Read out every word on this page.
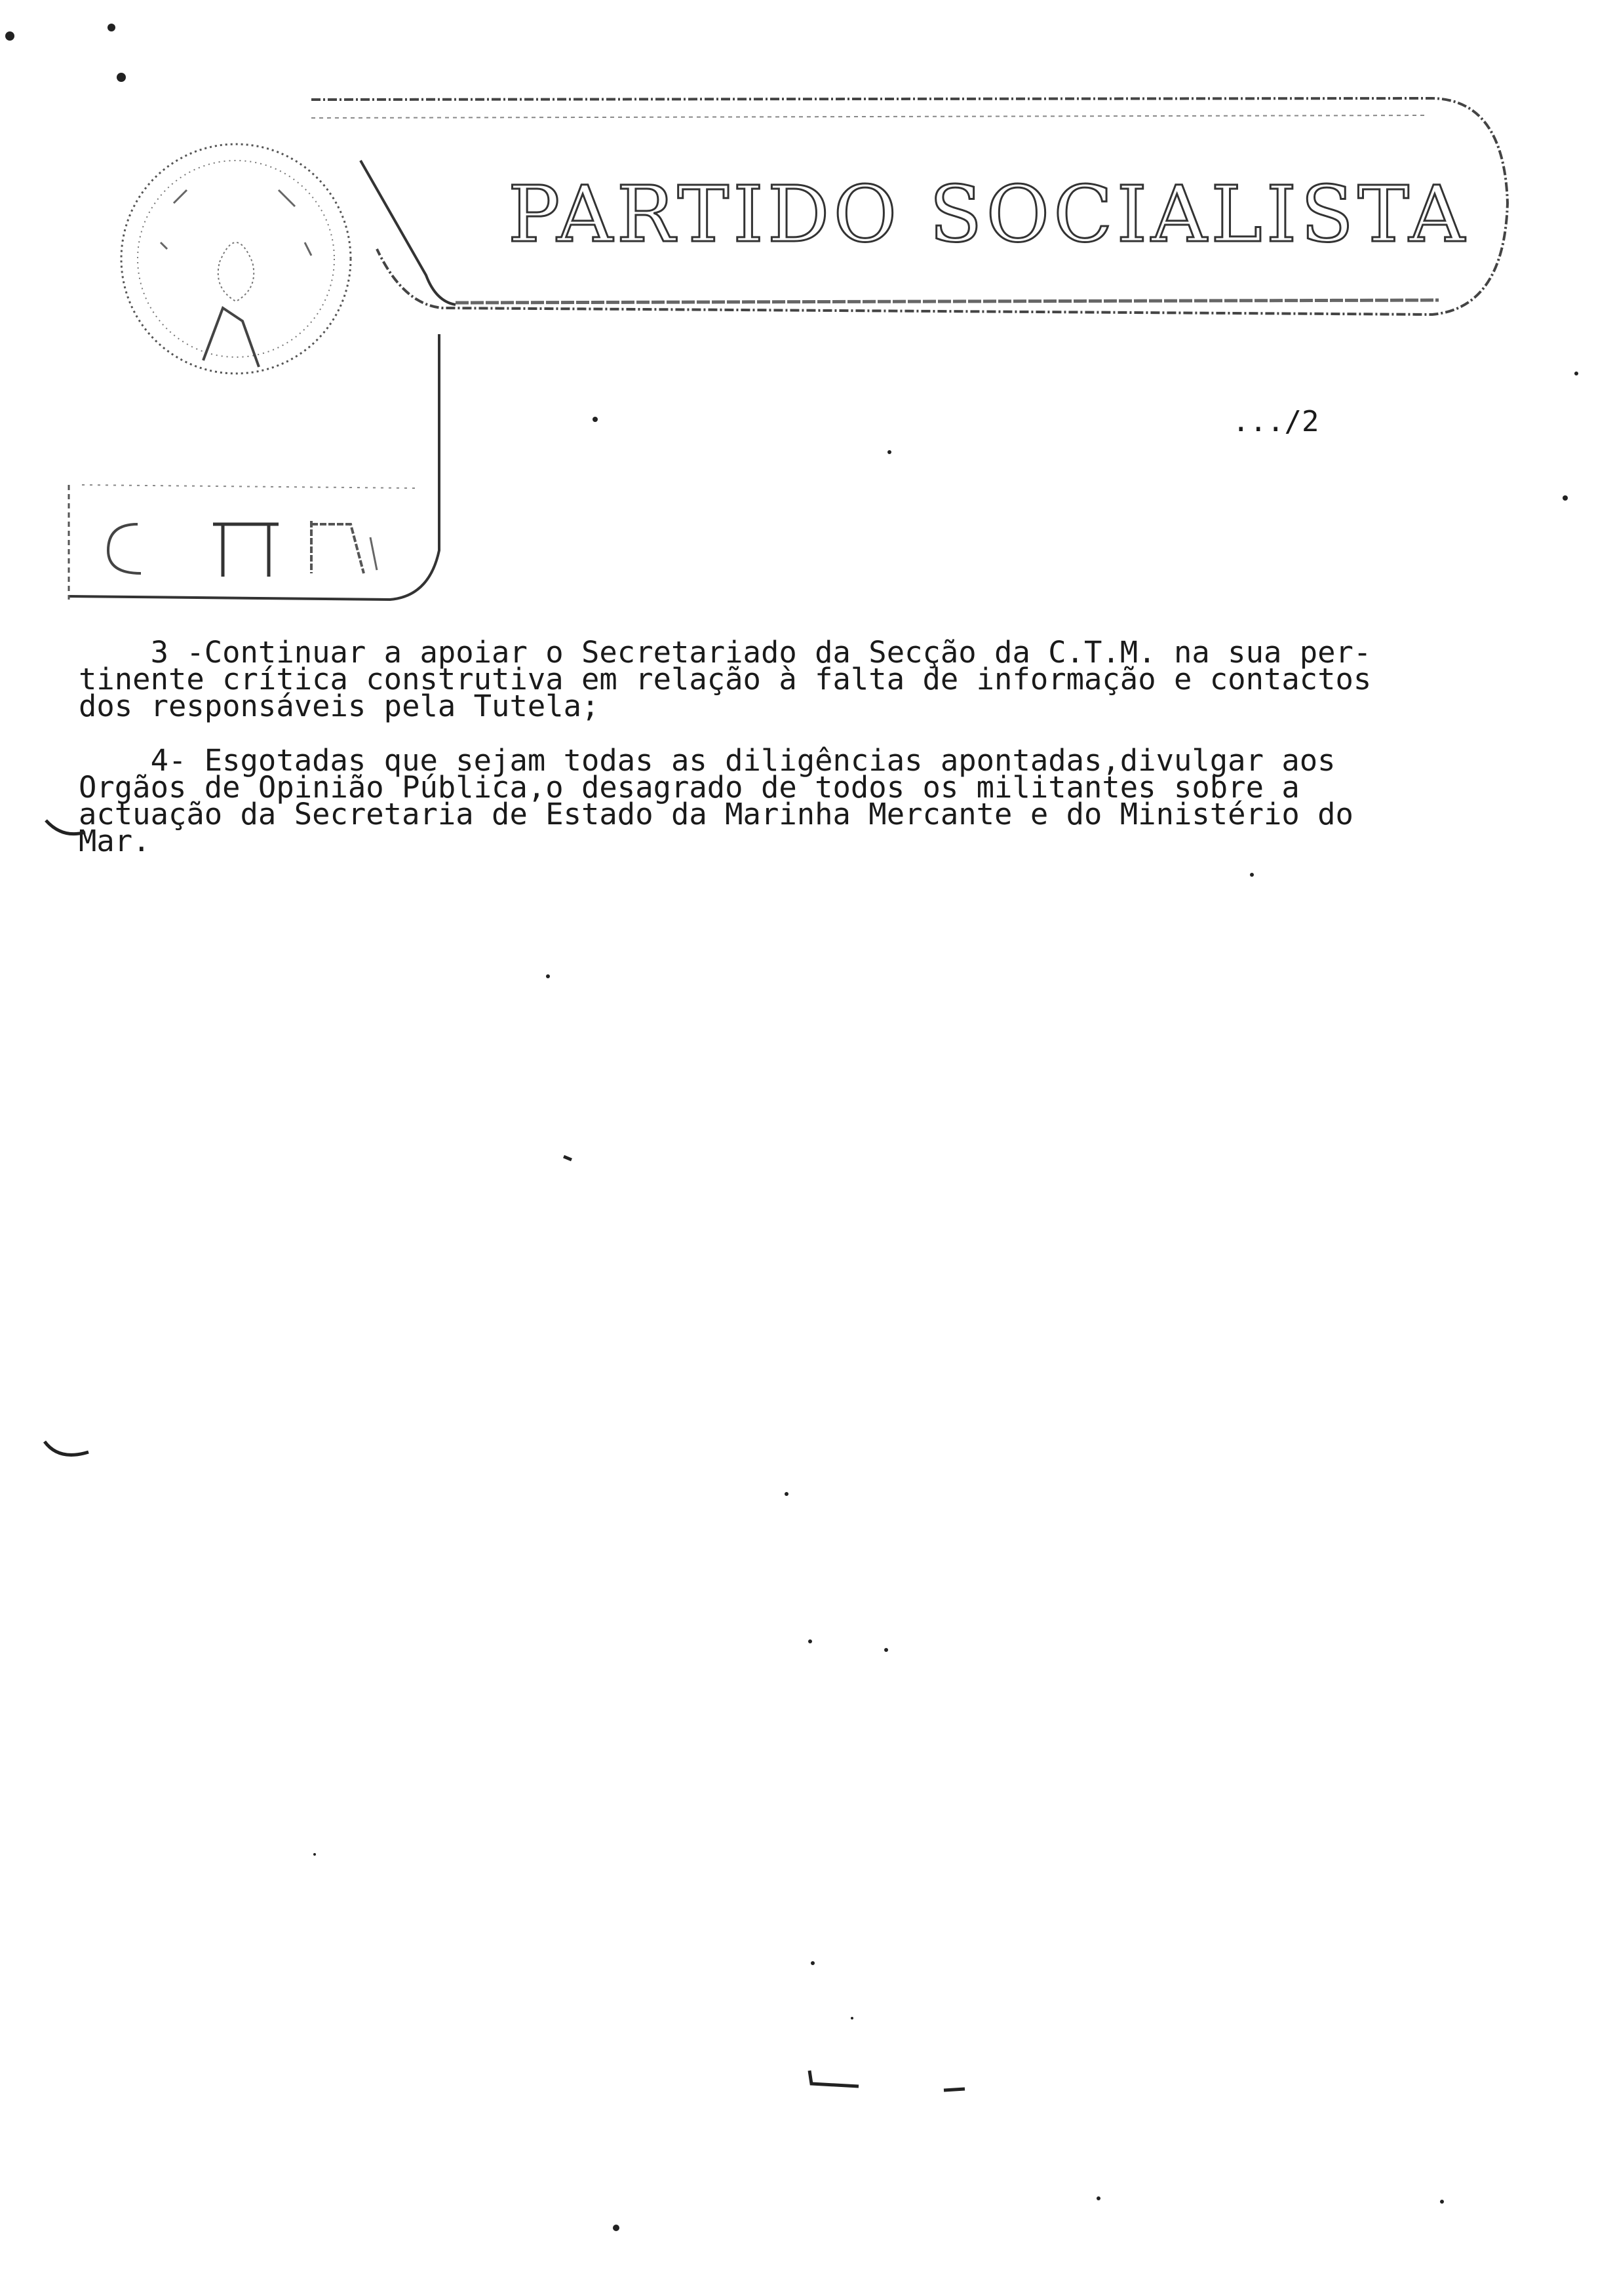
PARTIDO SOCIALISTA
.../2

3 -Continuar a apoiar o Secretariado da Secção da C.T.M. na sua per-
tinente crítica construtiva em relação à falta de informação e contactos
dos responsáveis pela Tutela;

4- Esgotadas que sejam todas as diligências apontadas,divulgar aos
Orgãos de Opinião Pública,o desagrado de todos os militantes sobre a
actuação da Secretaria de Estado da Marinha Mercante e do Ministério do
Mar.
